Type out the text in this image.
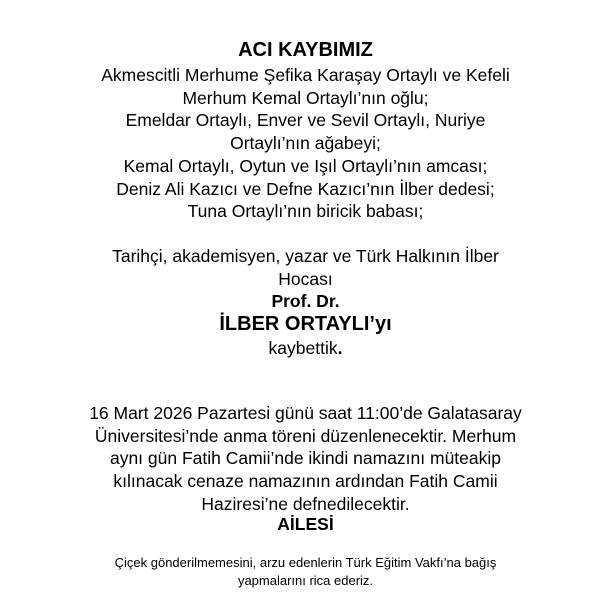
ACI KAYBIMIZ
Akmescitli Merhume Şefika Karaşay Ortaylı ve Kefeli
Merhum Kemal Ortaylı’nın oğlu;
Emeldar Ortaylı, Enver ve Sevil Ortaylı, Nuriye
Ortaylı’nın ağabeyi;
Kemal Ortaylı, Oytun ve Işıl Ortaylı’nın amcası;
Deniz Ali Kazıcı ve Defne Kazıcı’nın İlber dedesi;
Tuna Ortaylı’nın biricik babası;
Tarihçi, akademisyen, yazar ve Türk Halkının İlber
Hocası
Prof. Dr.
İLBER ORTAYLI’yı
kaybettik.
16 Mart 2026 Pazartesi günü saat 11:00’de Galatasaray
Üniversitesi’nde anma töreni düzenlenecektir. Merhum
aynı gün Fatih Camii’nde ikindi namazını müteakip
kılınacak cenaze namazının ardından Fatih Camii
Haziresi’ne defnedilecektir.
AİLESİ
Çiçek gönderilmemesini, arzu edenlerin Türk Eğitim Vakfı’na bağış
yapmalarını rica ederiz.
